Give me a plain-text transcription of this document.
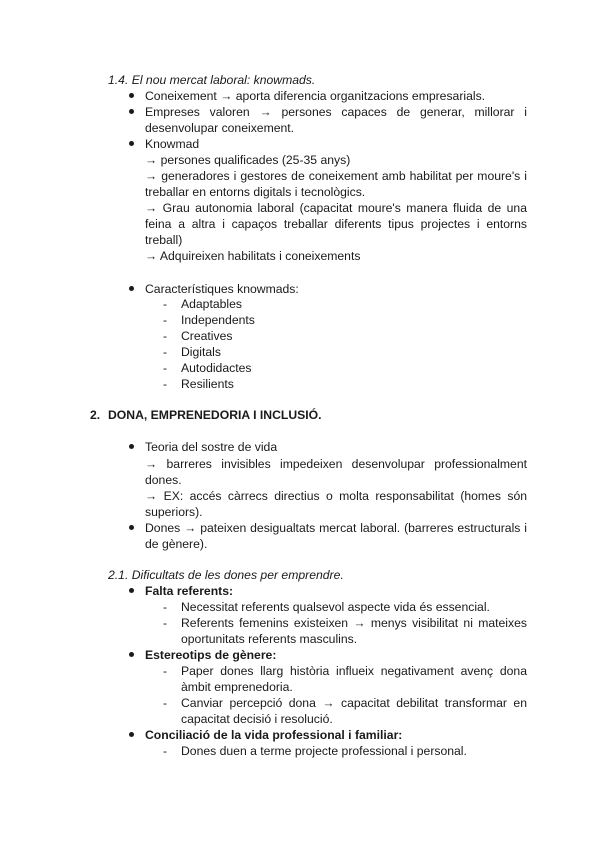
1.4. El nou mercat laboral: knowmads.
Coneixement → aporta diferencia organitzacions empresarials.
Empreses valoren → persones capaces de generar, millorar i
desenvolupar coneixement.
Knowmad
→ persones qualificades (25-35 anys)
→ generadores i gestores de coneixement amb habilitat per moure's i
treballar en entorns digitals i tecnològics.
→ Grau autonomia laboral (capacitat moure's manera fluida de una
feina a altra i capaços treballar diferents tipus projectes i entorns
treball)
→ Adquireixen habilitats i coneixements
Característiques knowmads:
- Adaptables
- Independents
- Creatives
- Digitals
- Autodidactes
- Resilients
2. DONA, EMPRENEDORIA I INCLUSIÓ.
Teoria del sostre de vida
→ barreres invisibles impedeixen desenvolupar professionalment
dones.
→ EX: accés càrrecs directius o molta responsabilitat (homes són
superiors).
Dones → pateixen desigualtats mercat laboral. (barreres estructurals i
de gènere).
2.1. Dificultats de les dones per emprendre.
Falta referents:
- Necessitat referents qualsevol aspecte vida és essencial.
- Referents femenins existeixen → menys visibilitat ni mateixes
oportunitats referents masculins.
Estereotips de gènere:
- Paper dones llarg història influeix negativament avenç dona
àmbit emprenedoria.
- Canviar percepció dona → capacitat debilitat transformar en
capacitat decisió i resolució.
Conciliació de la vida professional i familiar:
- Dones duen a terme projecte professional i personal.
